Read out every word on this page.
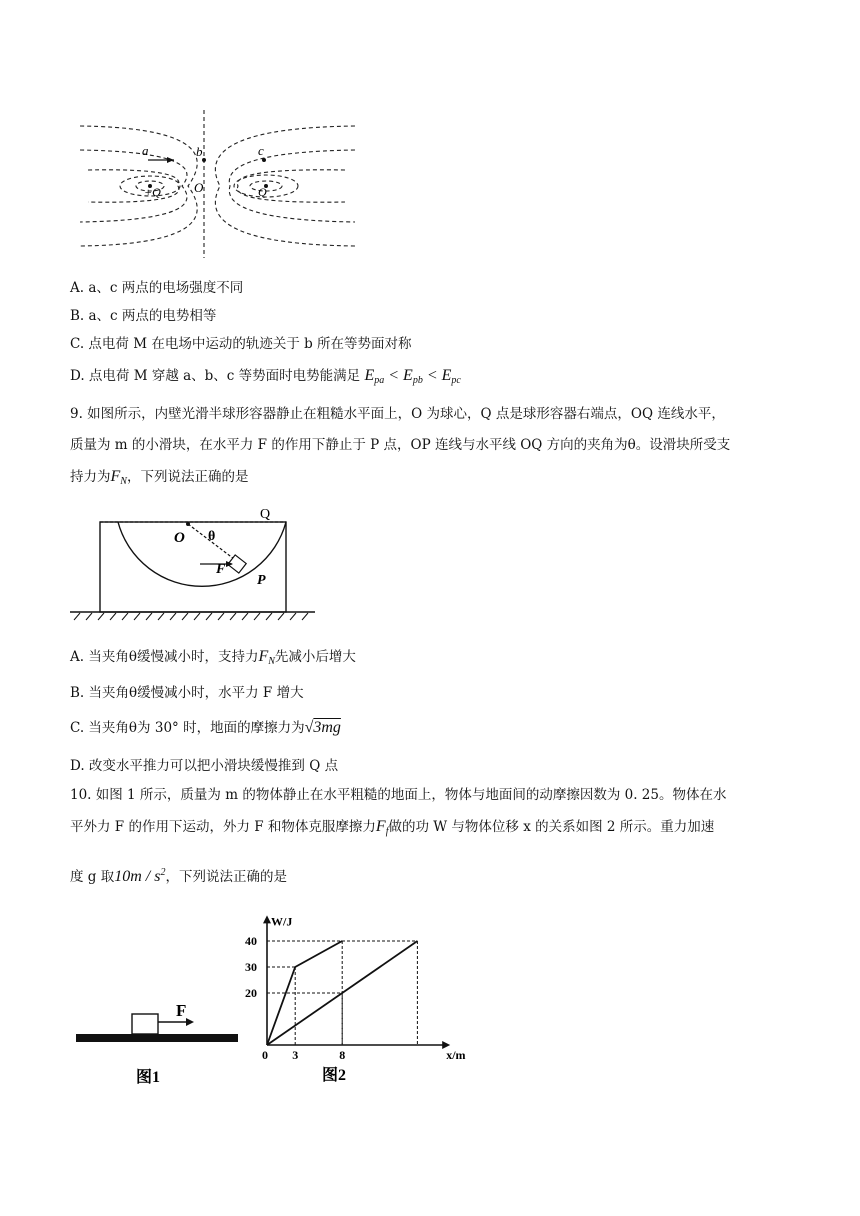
a	b	c
O
+Q	Q
A. a、c 两点的电场强度不同
B. a、c 两点的电势相等
C. 点电荷 M 在电场中运动的轨迹关于 b 所在等势面对称
D. 点电荷 M 穿越 a、b、c 等势面时电势能满足 $E_{pa} < E_{pb} < E_{pc}$
9. 如图所示，内壁光滑半球形容器静止在粗糙水平面上，O 为球心，Q 点是球形容器右端点，OQ 连线水平，
质量为 m 的小滑块，在水平力 F 的作用下静止于 P 点，OP 连线与水平线 OQ 方向的夹角为θ。设滑块所受支
持力为$F_N$，下列说法正确的是
Q
O θ
F
P
A. 当夹角θ缓慢减小时，支持力$F_N$先减小后增大
B. 当夹角θ缓慢减小时，水平力 F 增大
C. 当夹角θ为 30° 时，地面的摩擦力为√3mg
D. 改变水平推力可以把小滑块缓慢推到 Q 点
10. 如图 1 所示，质量为 m 的物体静止在水平粗糙的地面上，物体与地面间的动摩擦因数为 0. 25。物体在水
平外力 F 的作用下运动，外力 F 和物体克服摩擦力$F_f$做的功 W 与物体位移 x 的关系如图 2 所示。重力加速
度 g 取$10m / s^2$，下列说法正确的是
F
图1
W/J
x/m
20
30
40
0 3	8
图2
